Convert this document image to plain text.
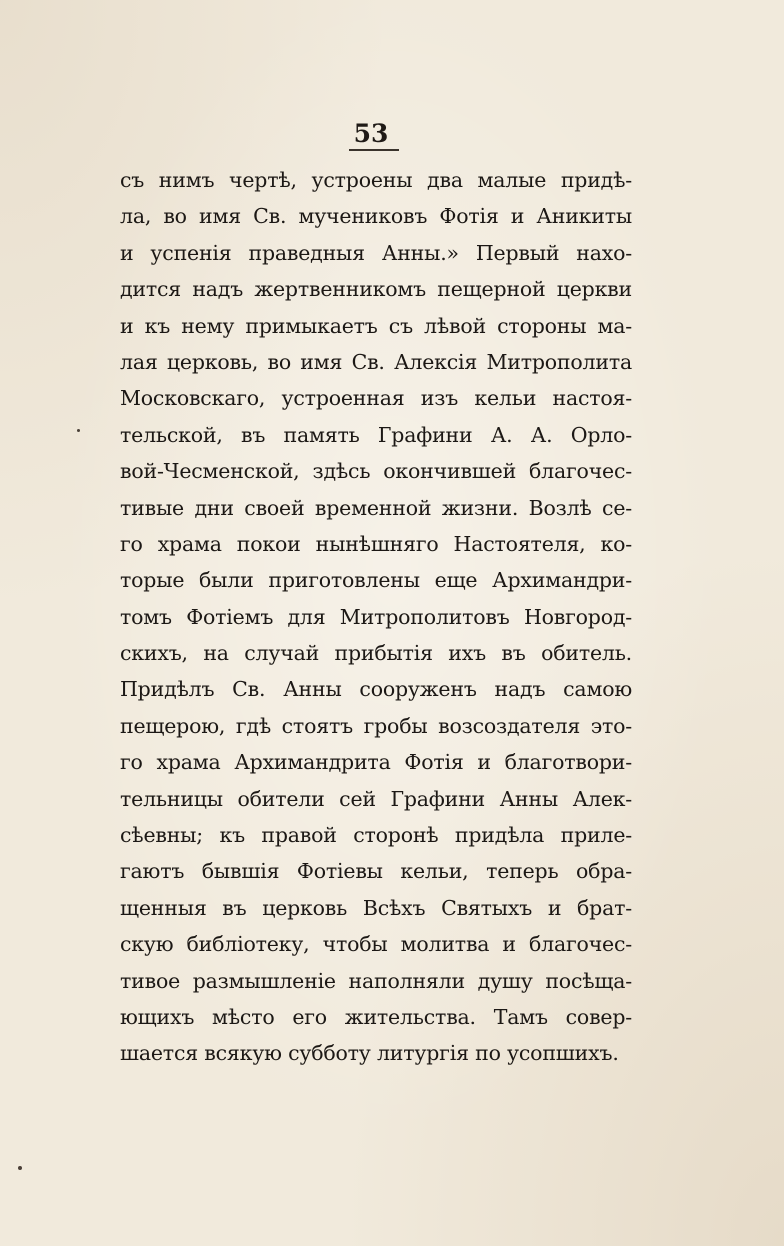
53
съ нимъ чертѣ, устроены два малые придѣ-
ла, во имя Св. мучениковъ Фотія и Аникиты
и успенія праведныя Анны.» Первый нахо-
дится надъ жертвенникомъ пещерной церкви
и къ нему примыкаетъ съ лѣвой стороны ма-
лая церковь, во имя Св. Алексія Митрополита
Московскаго, устроенная изъ кельи настоя-
тельской, въ память Графини А. А. Орло-
вой-Чесменской, здѣсь окончившей благочес-
тивые дни своей временной жизни. Возлѣ се-
го храма покои нынѣшняго Настоятеля, ко-
торые были приготовлены еще Архимандри-
томъ Фотіемъ для Митрополитовъ Новгород-
скихъ, на случай прибытія ихъ въ обитель.
Придѣлъ Св. Анны сооруженъ надъ самою
пещерою, гдѣ стоятъ гробы возсоздателя это-
го храма Архимандрита Фотія и благотвори-
тельницы обители сей Графини Анны Алек-
сѣевны; къ правой сторонѣ придѣла прилe-
гаютъ бывшія Фотіевы кельи, теперь обра-
щенныя въ церковь Всѣхъ Святыхъ и брат-
скую библіотеку, чтобы молитва и благочес-
тивое размышленіе наполняли душу посѣща-
ющихъ мѣсто его жительства. Тамъ совер-
шается всякую субботу литургія по усопшихъ.
